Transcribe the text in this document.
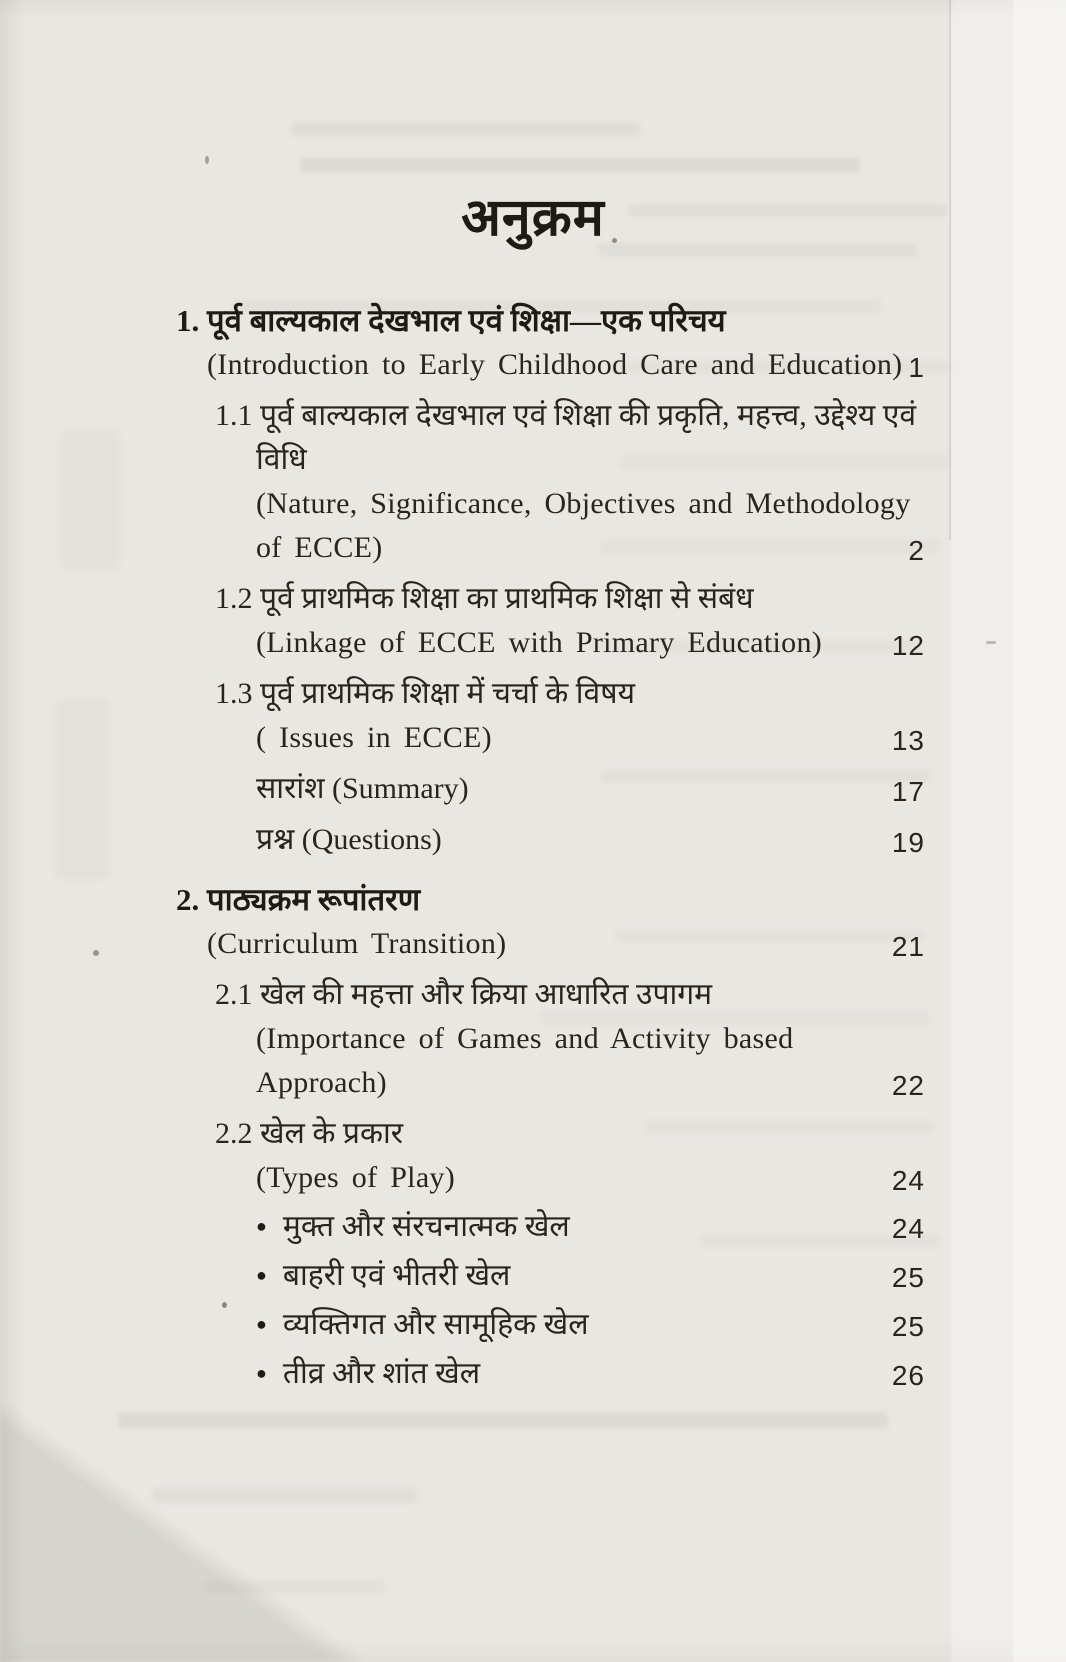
अनुक्रम
1. पूर्व बाल्यकाल देखभाल एवं शिक्षा—एक परिचय
(Introduction to Early Childhood Care and Education) 1
1.1 पूर्व बाल्यकाल देखभाल एवं शिक्षा की प्रकृति, महत्त्व, उद्देश्य एवं
विधि
(Nature, Significance, Objectives and Methodology
of ECCE)	2
1.2 पूर्व प्राथमिक शिक्षा का प्राथमिक शिक्षा से संबंध
(Linkage of ECCE with Primary Education) 12
1.3 पूर्व प्राथमिक शिक्षा में चर्चा के विषय
( Issues in ECCE)	13
सारांश (Summary)	17
प्रश्न (Questions)	19
2. पाठ्यक्रम रूपांतरण
(Curriculum Transition)	21
2.1 खेल की महत्ता और क्रिया आधारित उपागम
(Importance of Games and Activity based
Approach)	22
2.2 खेल के प्रकार
(Types of Play)	24
● मुक्त और संरचनात्मक खेल	24
● बाहरी एवं भीतरी खेल	25
● व्यक्तिगत और सामूहिक खेल	25
● तीव्र और शांत खेल	26
